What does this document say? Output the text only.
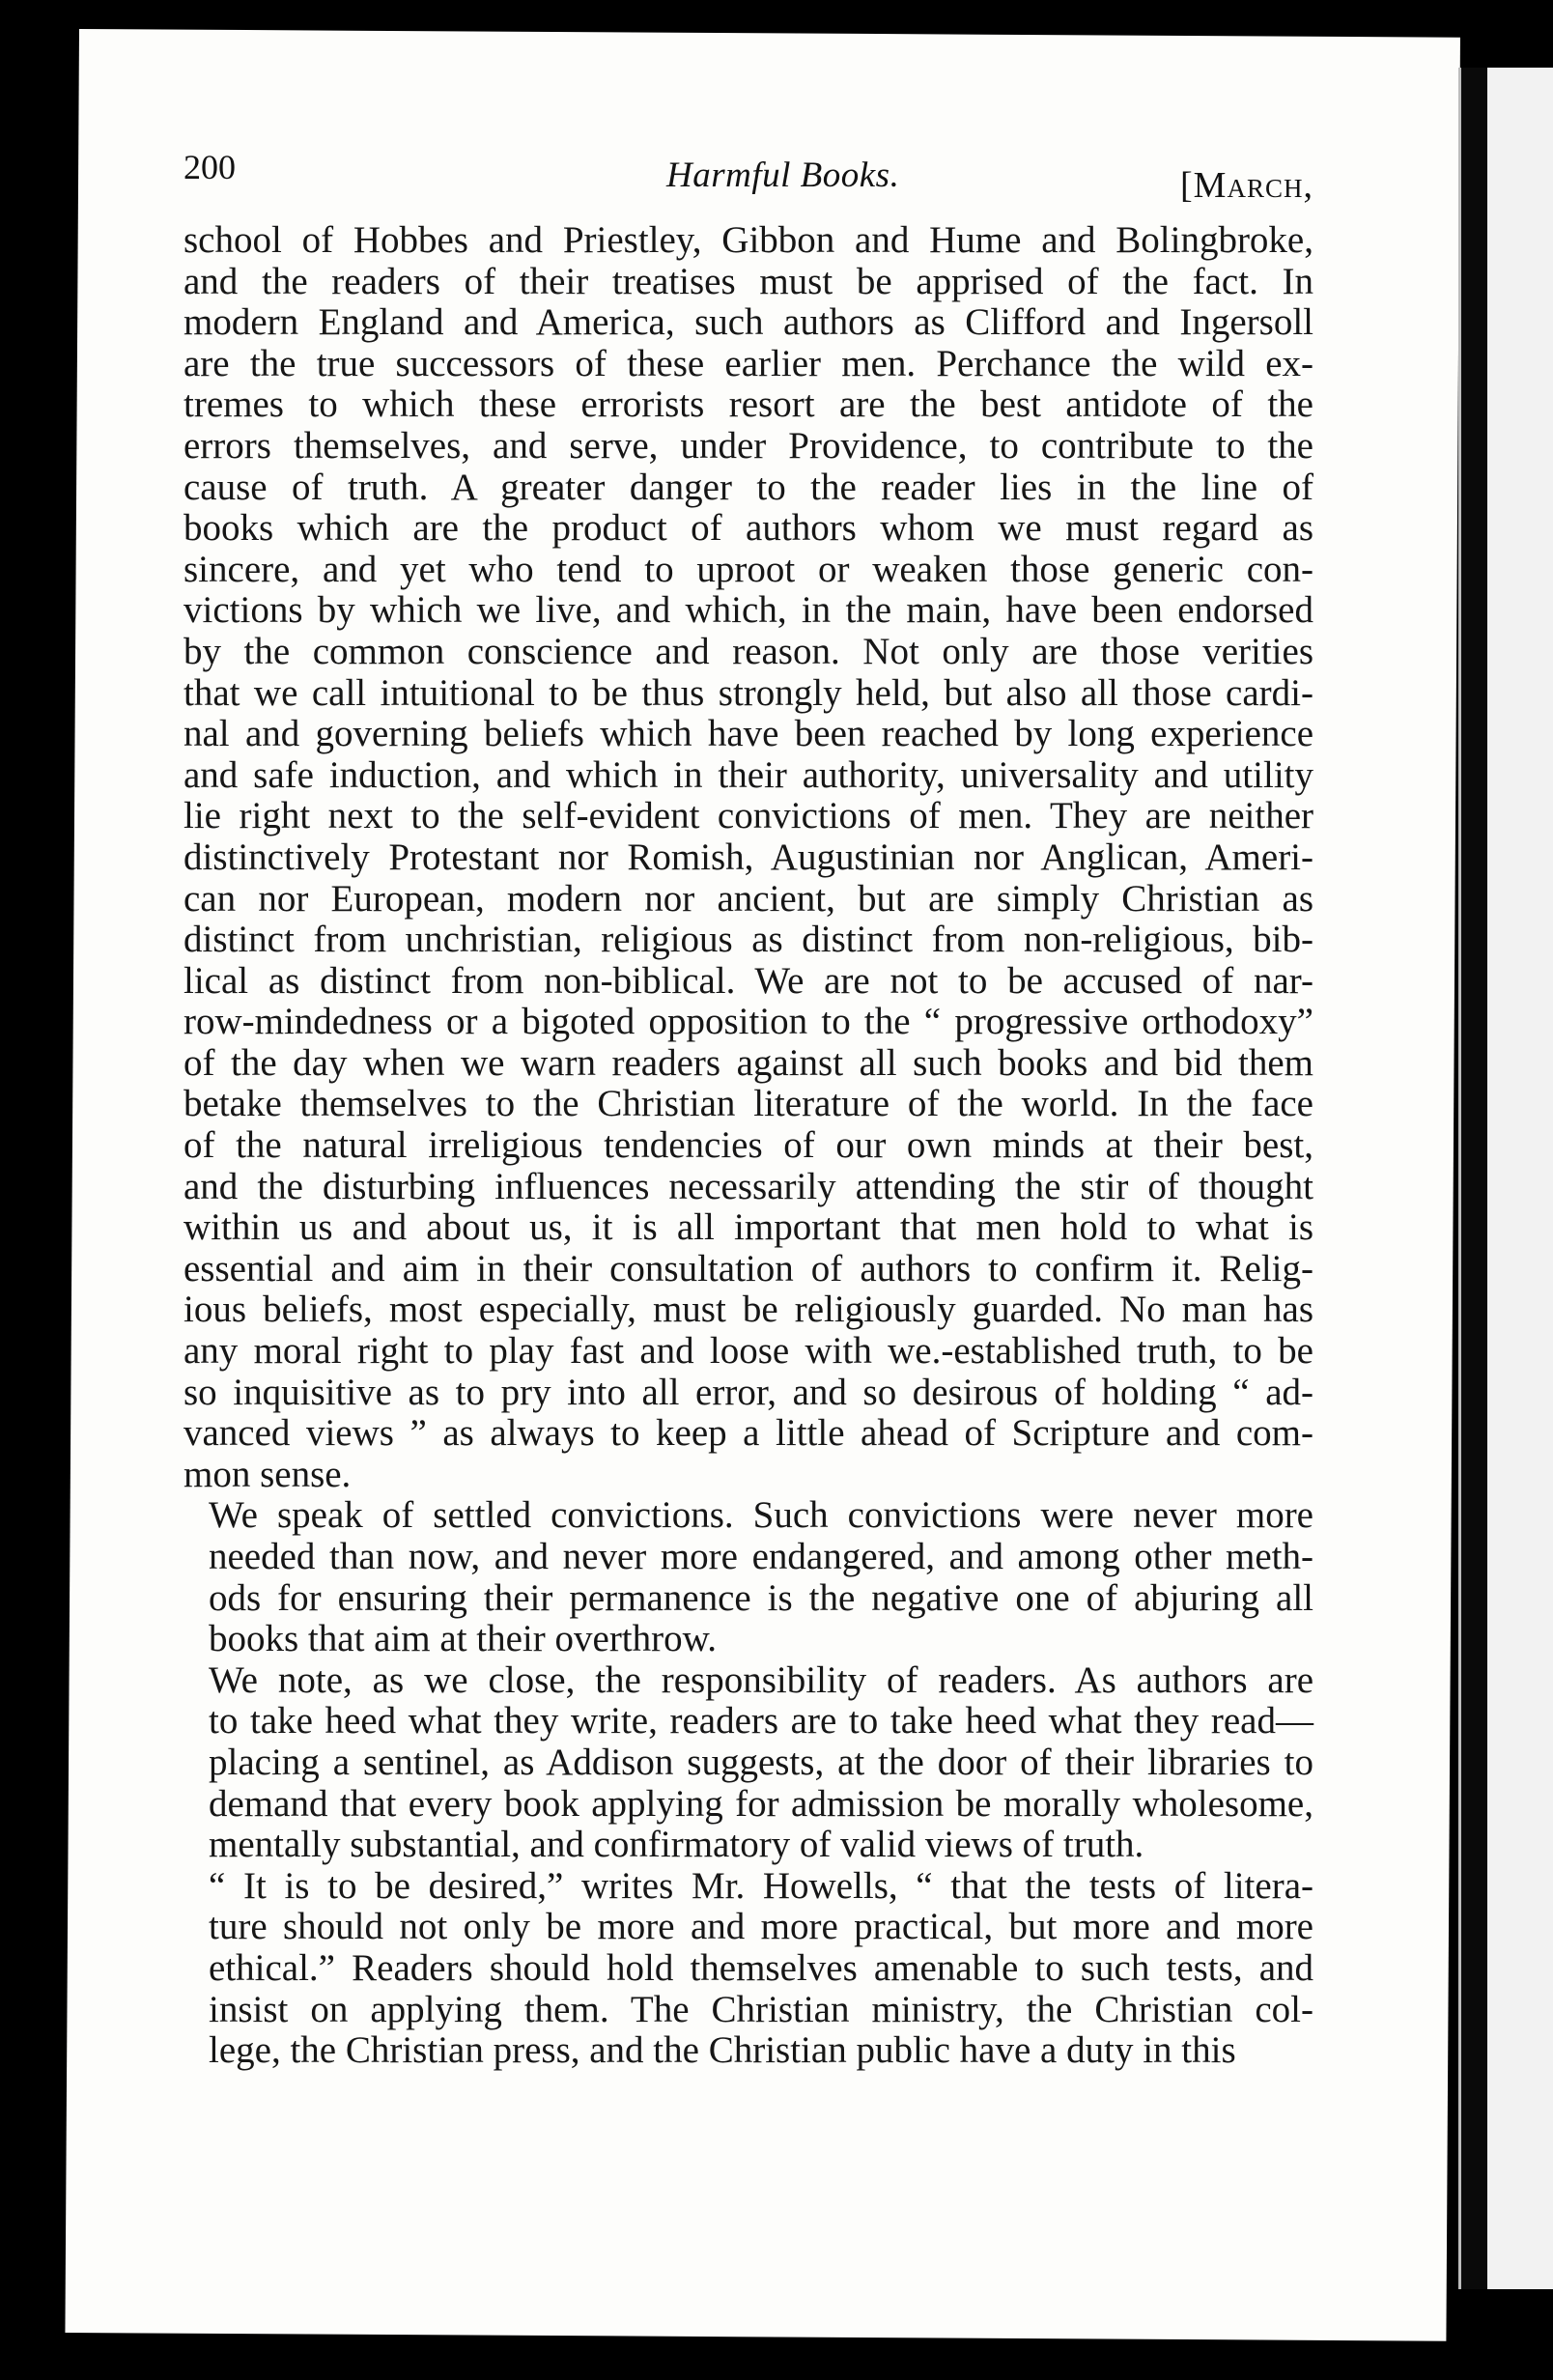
200	Harmful Books.	[March,

school of Hobbes and Priestley, Gibbon and Hume and Bolingbroke,
and the readers of their treatises must be apprised of the fact. In
modern England and America, such authors as Clifford and Ingersoll
are the true successors of these earlier men. Perchance the wild ex-
tremes to which these errorists resort are the best antidote of the
errors themselves, and serve, under Providence, to contribute to the
cause of truth. A greater danger to the reader lies in the line of
books which are the product of authors whom we must regard as
sincere, and yet who tend to uproot or weaken those generic con-
victions by which we live, and which, in the main, have been endorsed
by the common conscience and reason. Not only are those verities
that we call intuitional to be thus strongly held, but also all those cardi-
nal and governing beliefs which have been reached by long experience
and safe induction, and which in their authority, universality and utility
lie right next to the self-evident convictions of men. They are neither
distinctively Protestant nor Romish, Augustinian nor Anglican, Ameri-
can nor European, modern nor ancient, but are simply Christian as
distinct from unchristian, religious as distinct from non-religious, bib-
lical as distinct from non-biblical. We are not to be accused of nar-
row-mindedness or a bigoted opposition to the “ progressive orthodoxy”
of the day when we warn readers against all such books and bid them
betake themselves to the Christian literature of the world. In the face
of the natural irreligious tendencies of our own minds at their best,
and the disturbing influences necessarily attending the stir of thought
within us and about us, it is all important that men hold to what is
essential and aim in their consultation of authors to confirm it. Relig-
ious beliefs, most especially, must be religiously guarded. No man has
any moral right to play fast and loose with we.-established truth, to be
so inquisitive as to pry into all error, and so desirous of holding “ ad-
vanced views ” as always to keep a little ahead of Scripture and com-
mon sense.

We speak of settled convictions. Such convictions were never more
needed than now, and never more endangered, and among other meth-
ods for ensuring their permanence is the negative one of abjuring all
books that aim at their overthrow.

We note, as we close, the responsibility of readers. As authors are
to take heed what they write, readers are to take heed what they read—
placing a sentinel, as Addison suggests, at the door of their libraries to
demand that every book applying for admission be morally wholesome,
mentally substantial, and confirmatory of valid views of truth.

“ It is to be desired,” writes Mr. Howells, “ that the tests of litera-
ture should not only be more and more practical, but more and more
ethical.” Readers should hold themselves amenable to such tests, and
insist on applying them. The Christian ministry, the Christian col-
lege, the Christian press, and the Christian public have a duty in this
